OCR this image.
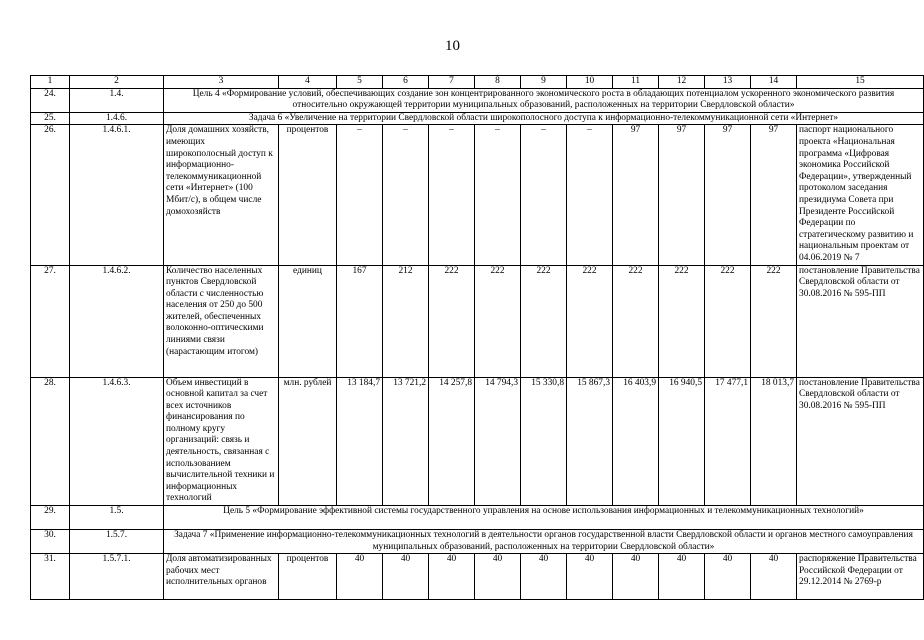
10
1	2	3	4	5	6	7	8	9	10	11	12	13	14	15
24.	1.4.	Цель 4 «Формирование условий, обеспечивающих создание зон концентрированного экономического роста в обладающих потенциалом ускоренного экономического развития относительно окружающей территории муниципальных образований, расположенных на территории Свердловской области»												
25.	1.4.6.	Задача 6 «Увеличение на территории Свердловской области широкополосного доступа к информационно-телекоммуникационной сети «Интернет»												
26.	1.4.6.1.	Доля домашних хозяйств, имеющих широкополосный доступ к информационно-телекоммуникационной сети «Интернет» (100 Мбит/с), в общем числе домохозяйств	процентов	–	–	–	–	–	–	97	97	97	97	паспорт национального проекта «Национальная программа «Цифровая экономика Российской Федерации», утвержденный протоколом заседания президиума Совета при Президенте Российской Федерации по стратегическому развитию и национальным проектам от 04.06.2019 № 7
27.	1.4.6.2.	Количество населенных пунктов Свердловской области с численностью населения от 250 до 500 жителей, обеспеченных волоконно-оптическими линиями связи (нарастающим итогом)	единиц	167	212	222	222	222	222	222	222	222	222	постановление Правительства Свердловской области от 30.08.2016 № 595-ПП
28.	1.4.6.3.	Объем инвестиций в основной капитал за счет всех источников финансирования по полному кругу организаций: связь и деятельность, связанная с использованием вычислительной техники и информационных технологий	млн. рублей	13 184,7	13 721,2	14 257,8	14 794,3	15 330,8	15 867,3	16 403,9	16 940,5	17 477,1	18 013,7	постановление Правительства Свердловской области от 30.08.2016 № 595-ПП
29.	1.5.	Цель 5 «Формирование эффективной системы государственного управления на основе использования информационных и телекоммуникационных технологий»												
30.	1.5.7.	Задача 7 «Применение информационно-телекоммуникационных технологий в деятельности органов государственной власти Свердловской области и органов местного самоуправления муниципальных образований, расположенных на территории Свердловской области»												
31.	1.5.7.1.	Доля автоматизированных рабочих мест исполнительных органов	процентов	40	40	40	40	40	40	40	40	40	40	распоряжение Правительства Российской Федерации от 29.12.2014 № 2769-р
